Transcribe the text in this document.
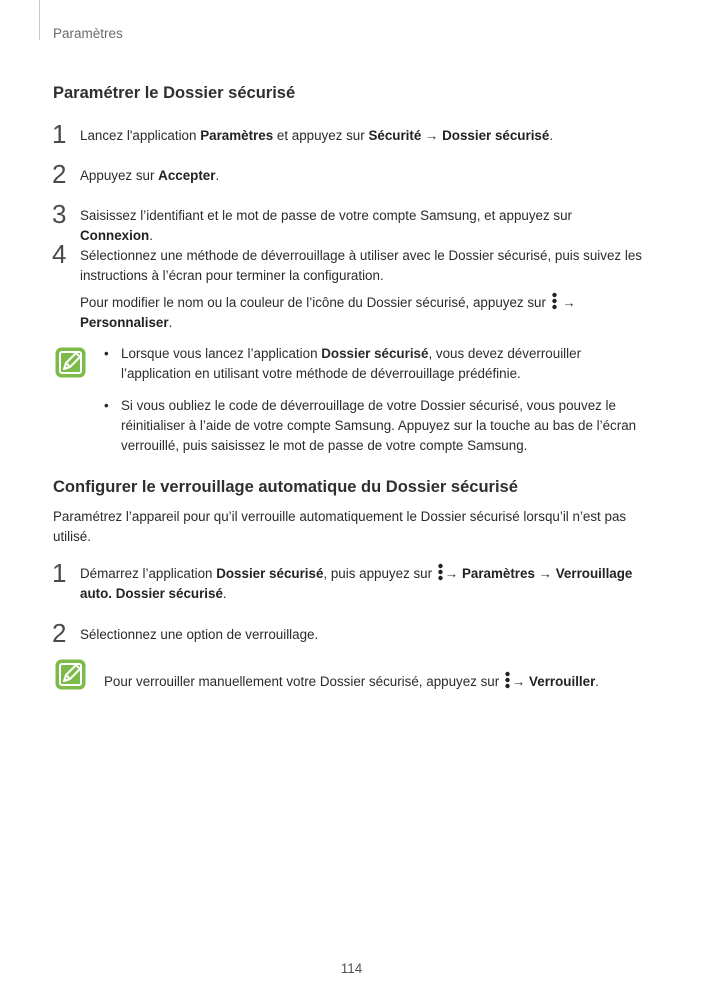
Paramètres
Paramétrer le Dossier sécurisé
1 Lancez l'application Paramètres et appuyez sur Sécurité → Dossier sécurisé.
2 Appuyez sur Accepter.
3 Saisissez l’identifiant et le mot de passe de votre compte Samsung, et appuyez sur Connexion.
4 Sélectionnez une méthode de déverrouillage à utiliser avec le Dossier sécurisé, puis suivez les instructions à l’écran pour terminer la configuration.
Pour modifier le nom ou la couleur de l’icône du Dossier sécurisé, appuyez sur  →
Personnaliser.
• Lorsque vous lancez l’application Dossier sécurisé, vous devez déverrouiller l’application en utilisant votre méthode de déverrouillage prédéfinie.
• Si vous oubliez le code de déverrouillage de votre Dossier sécurisé, vous pouvez le réinitialiser à l’aide de votre compte Samsung. Appuyez sur la touche au bas de l’écran verrouillé, puis saisissez le mot de passe de votre compte Samsung.
Configurer le verrouillage automatique du Dossier sécurisé
Paramétrez l’appareil pour qu’il verrouille automatiquement le Dossier sécurisé lorsqu’il n’est pas utilisé.
1 Démarrez l’application Dossier sécurisé, puis appuyez sur → Paramètres → Verrouillage auto. Dossier sécurisé.
2 Sélectionnez une option de verrouillage.
Pour verrouiller manuellement votre Dossier sécurisé, appuyez sur → Verrouiller.
114
